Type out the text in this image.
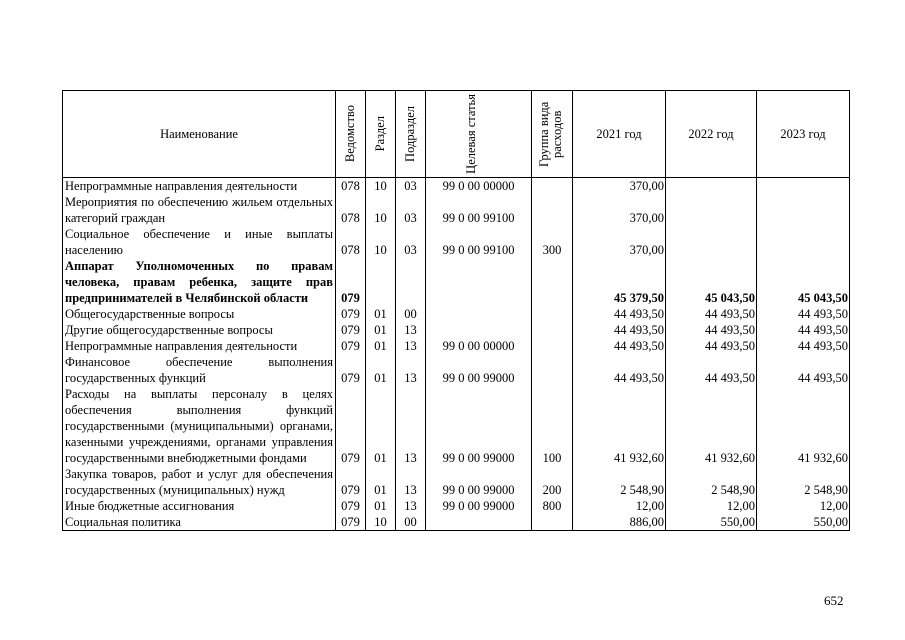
Наименование	Ведомство	Раздел	Подраздел	Целевая статья	Группа вида расходов	2021 год	2022 год	2023 год
Непрограммные направления деятельности	078	10	03	99 0 00 00000		370,00		
Мероприятия по обеспечению жильем отдельных категорий граждан	078	10	03	99 0 00 99100		370,00		
Социальное обеспечение и иные выплаты населению	078	10	03	99 0 00 99100	300	370,00		
Аппарат Уполномоченных по правам человека, правам ребенка, защите прав предпринимателей в Челябинской области	079					45 379,50	45 043,50	45 043,50
Общегосударственные вопросы	079	01	00			44 493,50	44 493,50	44 493,50
Другие общегосударственные вопросы	079	01	13			44 493,50	44 493,50	44 493,50
Непрограммные направления деятельности	079	01	13	99 0 00 00000		44 493,50	44 493,50	44 493,50
Финансовое обеспечение выполнения государственных функций	079	01	13	99 0 00 99000		44 493,50	44 493,50	44 493,50
Расходы на выплаты персоналу в целях обеспечения выполнения функций государственными (муниципальными) органами, казенными учреждениями, органами управления государственными внебюджетными фондами	079	01	13	99 0 00 99000	100	41 932,60	41 932,60	41 932,60
Закупка товаров, работ и услуг для обеспечения государственных (муниципальных) нужд	079	01	13	99 0 00 99000	200	2 548,90	2 548,90	2 548,90
Иные бюджетные ассигнования	079	01	13	99 0 00 99000	800	12,00	12,00	12,00
Социальная политика	079	10	00			886,00	550,00	550,00
652
